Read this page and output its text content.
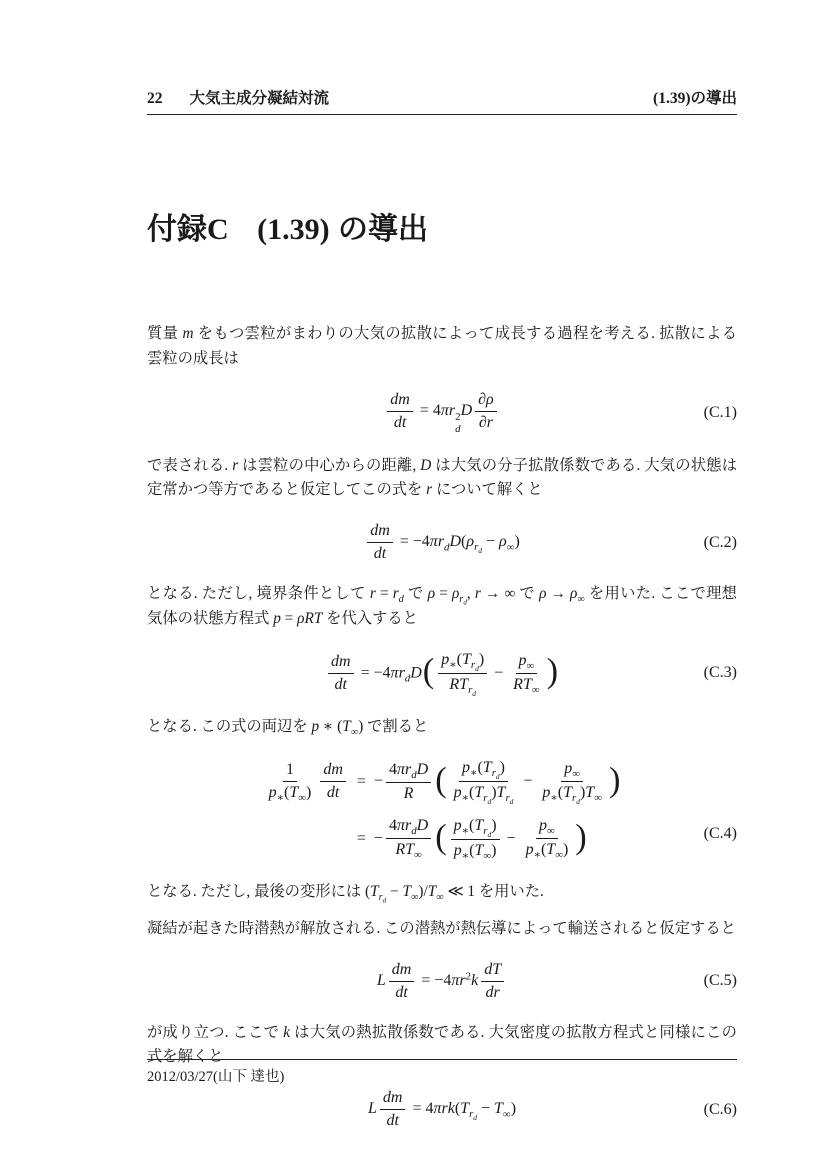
22 大気主成分凝結対流	(1.39) の導出
付録C (1.39) の導出

質量 m をもつ雲粒がまわりの大気の拡散によって成長する過程を考える. 拡散による雲粒の成長は

$\frac{dm}{dt} = 4\pi r$ 2
d
D $\frac{\partial\rho}{\partial r}$	(C.1)

で表される. r は雲粒の中心からの距離, D は大気の分子拡散係数である. 大気の状態は定常かつ等方であると仮定してこの式を r について解くと

$\frac{dm}{dt} = -4\pi r_dD(\rho_{r_d} - \rho_\infty)$	(C.2)

となる. ただし, 境界条件として $r = r_d$ で $\rho = \rho_{r_d}$, r → ∞ で $\rho \to \rho_\infty$ を用いた. ここで理想気体の状態方程式 p = ρRT を代入すると

$\frac{dm}{dt} = -4\pi r_dD( \frac{p_∗(T_{r_d})}{RT_{r_d}} - \frac{p_\infty}{RT_\infty}$ )	(C.3)

となる. この式の両辺を p ∗ $(T_\infty)$ で割ると

$\frac{1}{p_∗(T_\infty)} \frac{dm}{dt}$	=	− $\frac{4\pi r_dD}{R}$ ( $\frac{p_∗(T_{r_d})}{p_∗(T_{r_d})T_{r_d}} - \frac{p_\infty}{p_∗(T_{r_d})T_\infty}$ )
	=	− $\frac{4\pi r_dD}{RT_\infty}$ ( $\frac{p_∗(T_{r_d})}{p_∗(T_\infty)} - \frac{p_\infty}{p_∗(T_\infty)}$ )	(C.4)

となる. ただし, 最後の変形には $(T_{r_d} - T_\infty)/T_\infty$ ≪ 1 を用いた.

凝結が起きた時潜熱が解放される. この潜熱が熱伝導によって輸送されると仮定すると

L $\frac{dm}{dt} = -4\pi r^2k \frac{dT}{dr}$	(C.5)

が成り立つ. ここで k は大気の熱拡散係数である. 大気密度の拡散方程式と同様にこの式を解くと

L $\frac{dm}{dt} = 4\pi rk(T_{r_d} - T_\infty)$	(C.6)
2012/03/27(山下 達也)
